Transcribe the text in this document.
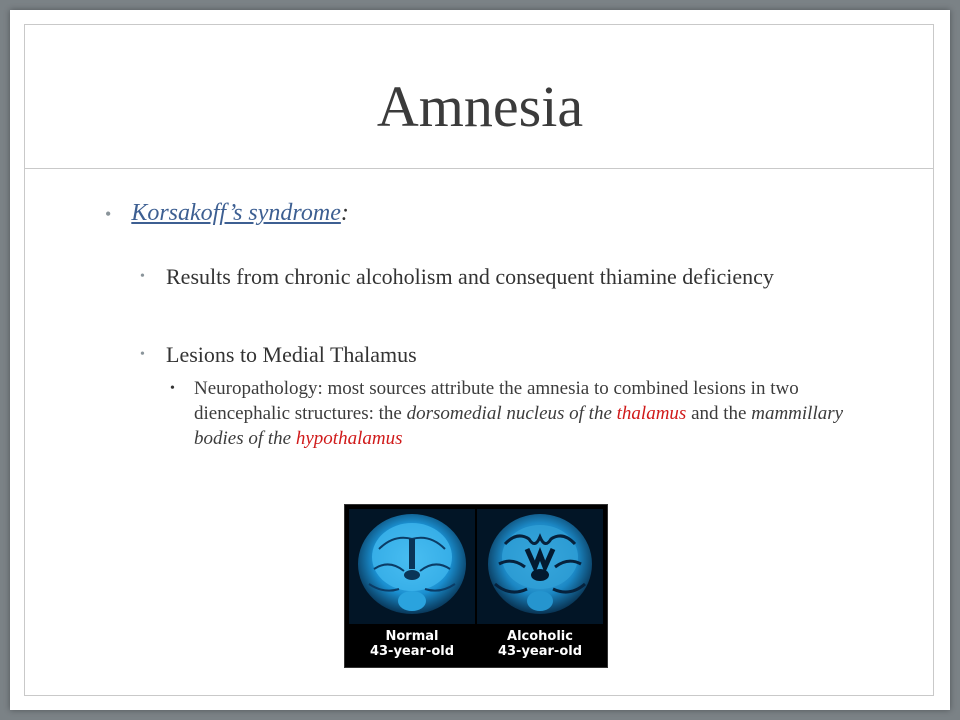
Amnesia
• Korsakoff’s syndrome:
• Results from chronic alcoholism and consequent thiamine deficiency
• Lesions to Medial Thalamus
• Neuropathology: most sources attribute the amnesia to combined lesions in two diencephalic structures: the dorsomedial nucleus of the thalamus and the mammillary bodies of the hypothalamus
Normal
43-year-old
Alcoholic
43-year-old
